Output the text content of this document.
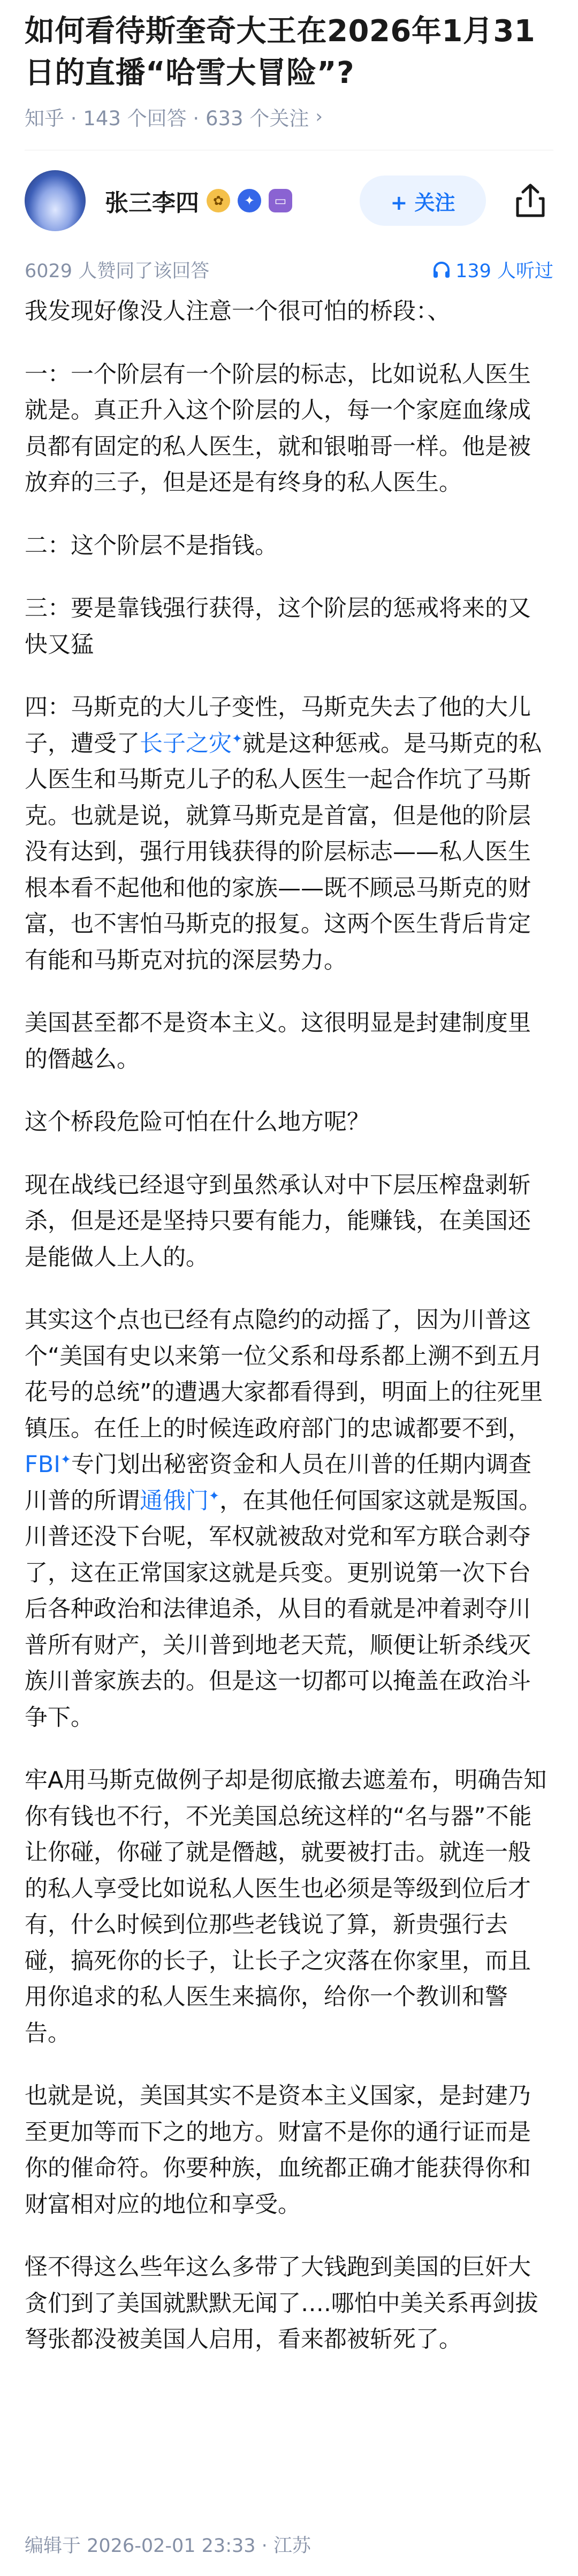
如何看待斯奎奇大王在2026年1月31日的直播“哈雪大冒险”?
知乎 · 143 个回答 · 633 个关注 ›
张三李四	✿	✦	▭	+ 关注
6029 人赞同了该回答	139 人听过

我发现好像没人注意一个很可怕的桥段：、

一：一个阶层有一个阶层的标志，比如说私人医生就是。真正升入这个阶层的人，每一个家庭血缘成员都有固定的私人医生，就和银啪哥一样。他是被放弃的三子，但是还是有终身的私人医生。

二：这个阶层不是指钱。

三：要是靠钱强行获得，这个阶层的惩戒将来的又快又猛

四：马斯克的大儿子变性，马斯克失去了他的大儿子，遭受了长子之灾✦就是这种惩戒。是马斯克的私人医生和马斯克儿子的私人医生一起合作坑了马斯克。也就是说，就算马斯克是首富，但是他的阶层没有达到，强行用钱获得的阶层标志——私人医生根本看不起他和他的家族——既不顾忌马斯克的财富，也不害怕马斯克的报复。这两个医生背后肯定有能和马斯克对抗的深层势力。

美国甚至都不是资本主义。这很明显是封建制度里的僭越么。

这个桥段危险可怕在什么地方呢？

现在战线已经退守到虽然承认对中下层压榨盘剥斩杀，但是还是坚持只要有能力，能赚钱，在美国还是能做人上人的。

其实这个点也已经有点隐约的动摇了，因为川普这个“美国有史以来第一位父系和母系都上溯不到五月花号的总统”的遭遇大家都看得到，明面上的往死里镇压。在任上的时候连政府部门的忠诚都要不到，FBI✦专门划出秘密资金和人员在川普的任期内调查川普的所谓通俄门✦，在其他任何国家这就是叛国。川普还没下台呢，军权就被敌对党和军方联合剥夺了，这在正常国家这就是兵变。更别说第一次下台后各种政治和法律追杀，从目的看就是冲着剥夺川普所有财产，关川普到地老天荒，顺便让斩杀线灭族川普家族去的。但是这一切都可以掩盖在政治斗争下。

牢A用马斯克做例子却是彻底撤去遮羞布，明确告知你有钱也不行，不光美国总统这样的“名与器”不能让你碰，你碰了就是僭越，就要被打击。就连一般的私人享受比如说私人医生也必须是等级到位后才有，什么时候到位那些老钱说了算，新贵强行去碰，搞死你的长子，让长子之灾落在你家里，而且用你追求的私人医生来搞你，给你一个教训和警告。

也就是说，美国其实不是资本主义国家，是封建乃至更加等而下之的地方。财富不是你的通行证而是你的催命符。你要种族，血统都正确才能获得你和财富相对应的地位和享受。

怪不得这么些年这么多带了大钱跑到美国的巨奸大贪们到了美国就默默无闻了….哪怕中美关系再剑拔弩张都没被美国人启用，看来都被斩死了。

编辑于 2026-02-01 23:33 · 江苏
